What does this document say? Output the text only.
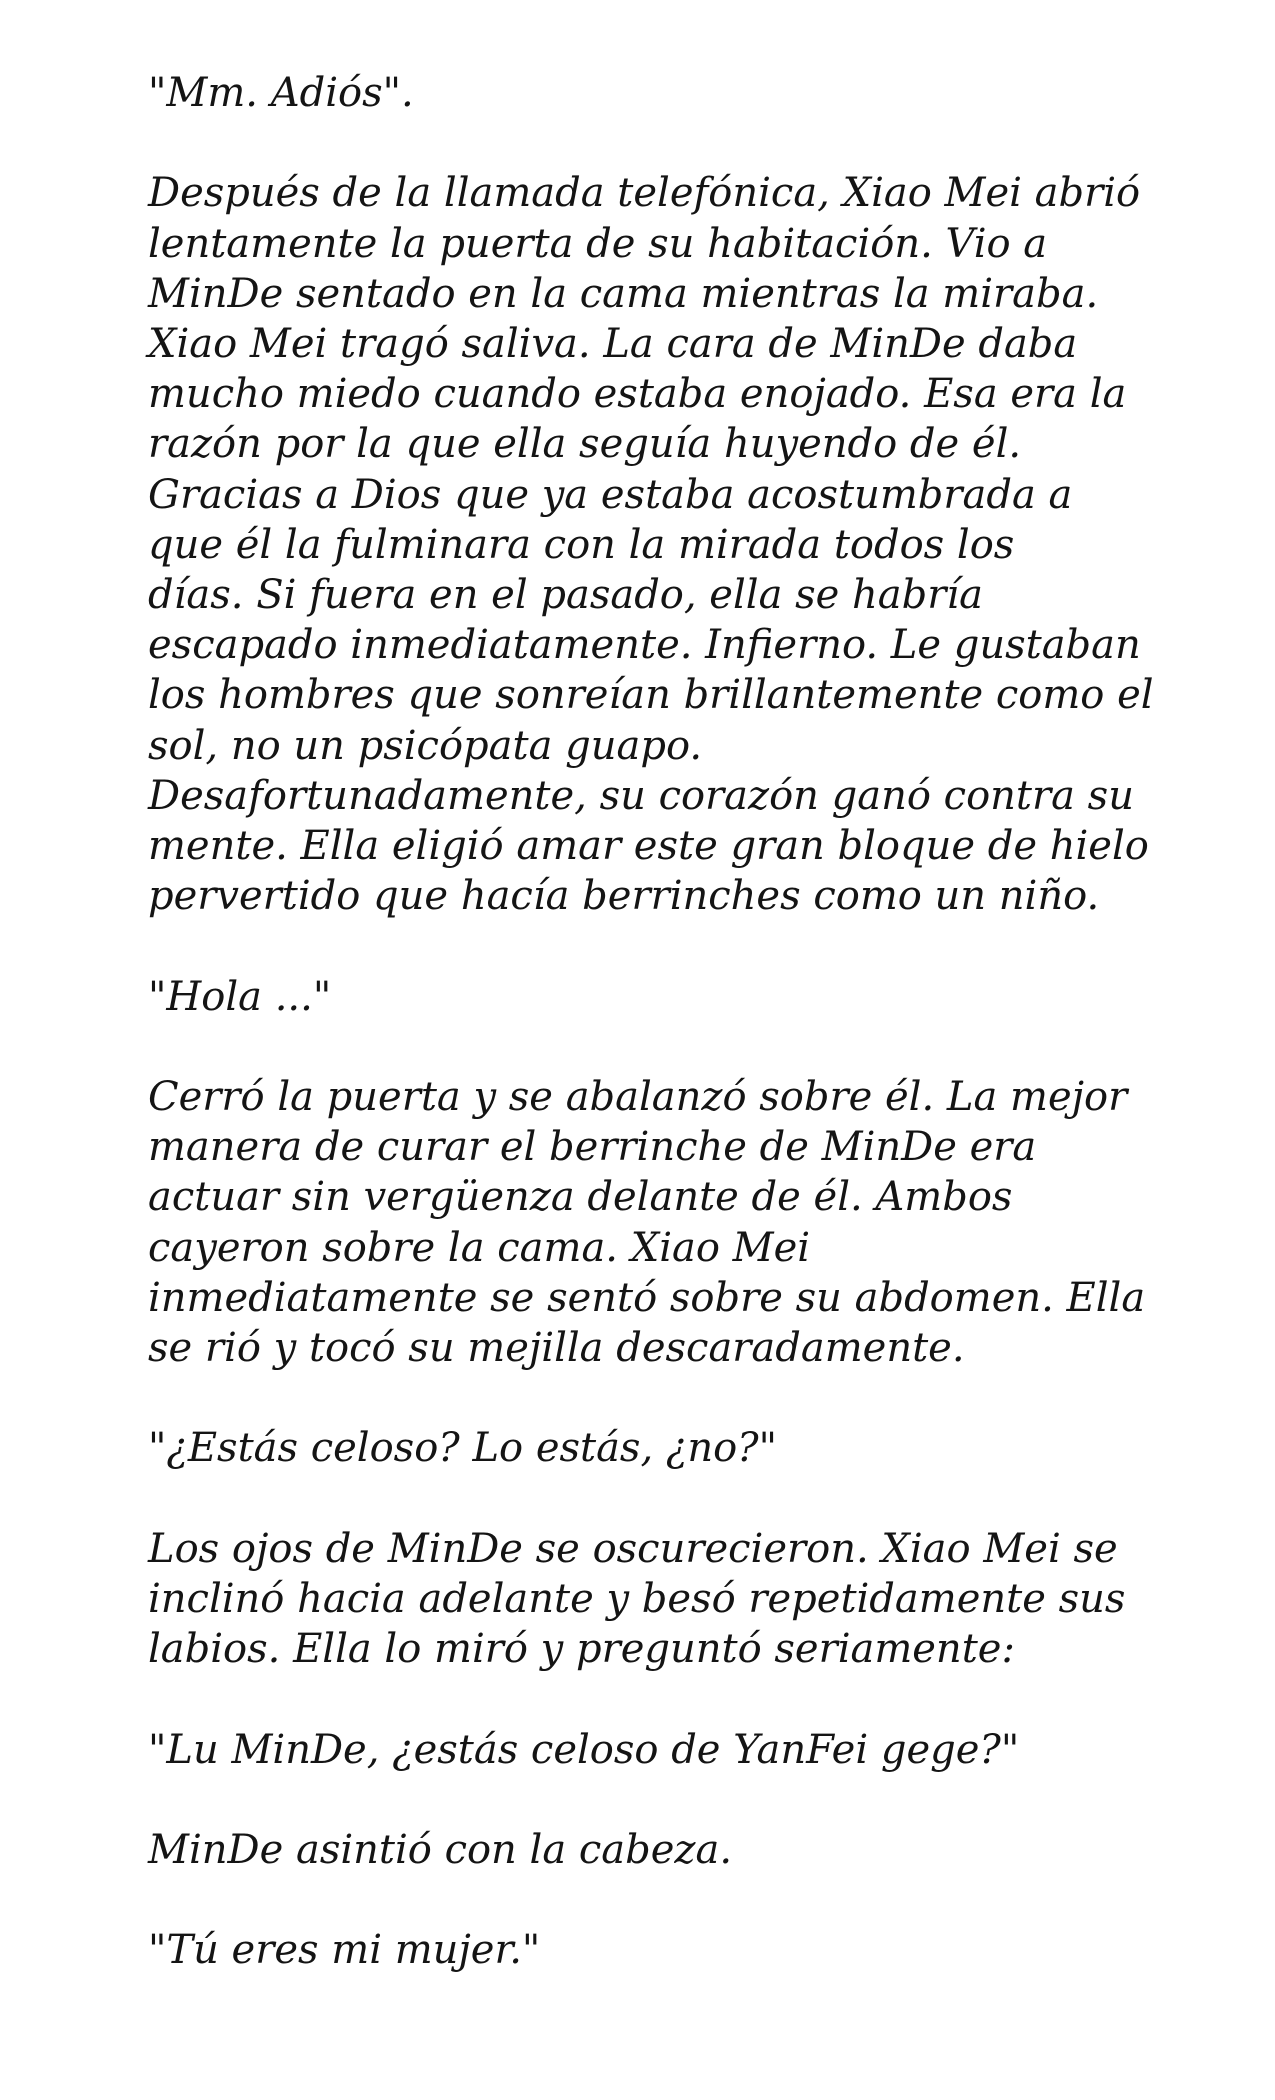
"Mm. Adiós".

Después de la llamada telefónica, Xiao Mei abrió
lentamente la puerta de su habitación. Vio a
MinDe sentado en la cama mientras la miraba.
Xiao Mei tragó saliva. La cara de MinDe daba
mucho miedo cuando estaba enojado. Esa era la
razón por la que ella seguía huyendo de él.
Gracias a Dios que ya estaba acostumbrada a
que él la fulminara con la mirada todos los
días. Si fuera en el pasado, ella se habría
escapado inmediatamente. Infierno. Le gustaban
los hombres que sonreían brillantemente como el
sol, no un psicópata guapo.
Desafortunadamente, su corazón ganó contra su
mente. Ella eligió amar este gran bloque de hielo
pervertido que hacía berrinches como un niño.

"Hola ..."

Cerró la puerta y se abalanzó sobre él. La mejor
manera de curar el berrinche de MinDe era
actuar sin vergüenza delante de él. Ambos
cayeron sobre la cama. Xiao Mei
inmediatamente se sentó sobre su abdomen. Ella
se rió y tocó su mejilla descaradamente.

"¿Estás celoso? Lo estás, ¿no?"

Los ojos de MinDe se oscurecieron. Xiao Mei se
inclinó hacia adelante y besó repetidamente sus
labios. Ella lo miró y preguntó seriamente:

"Lu MinDe, ¿estás celoso de YanFei gege?"

MinDe asintió con la cabeza.

"Tú eres mi mujer."
